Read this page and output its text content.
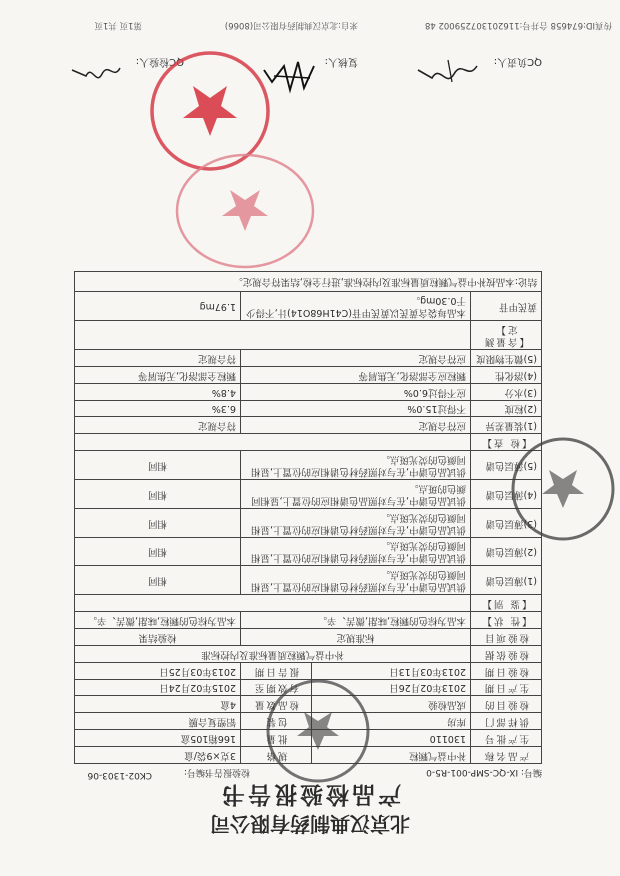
北京汉典制药有限公司
产品检验报告书
编号: IX-QC-SMP-001-R5-0
检验报告书编号:
CK02-1303-06
产品名称	补中益气颗粒	规格	3克×9袋/盒
生产批号	130110	批量	166箱105盒
供样部门	库房	包装	铝塑复合膜
检验目的	成品检验	检品数量	4盒
生产日期	2013年02月26日	有效期至	2015年02月24日
检验日期	2013年03月13日	报告日期	2013年03月25日
检验依据	补中益气颗粒质量标准及内控标准		
检验项目	标准规定		检验结果
【性 状】	本品为棕色的颗粒,味甜,微苦、辛。		本品为棕色的颗粒,味甜,微苦、辛。
【鉴 别】			
(1)薄层色谱	供试品色谱中,在与对照药材色谱相应的位置上,显相同颜色的荧光斑点。		相同
(2)薄层色谱	供试品色谱中,在与对照药材色谱相应的位置上,显相同颜色的荧光斑点。		相同
(3)薄层色谱	供试品色谱中,在与对照药材色谱相应的位置上,显相同颜色的荧光斑点。		相同
(4)薄层色谱	供试品色谱中,在与对照品色谱相应的位置上,显相同颜色的斑点。		相同
(5)薄层色谱	供试品色谱中,在与对照药材色谱相应的位置上,显相同颜色的荧光斑点。		相同
【检 查】			
(1)装量差异	应符合规定		符合规定
(2)粒度	不得过15.0%		6.3%
(3)水分	应不得过6.0%		4.8%
(4)溶化性	颗粒应全部溶化,无焦屑等		颗粒全部溶化,无焦屑等
(5)微生物限度	应符合规定		符合规定
【含量测定】			
黄芪甲苷	本品每袋含黄芪以黄芪甲苷(C41H68O14)计,不得少于0.30mg。		1.97mg
结论:本品按补中益气颗粒质量标准及内控标准,进行全检,结果符合规定。			
QC负责人:
复核人:
QC检验人:
传真ID:674658 合并号:116201307259002 48
来自:北京汉典制药有限公司(8066)
第1页 共1页
